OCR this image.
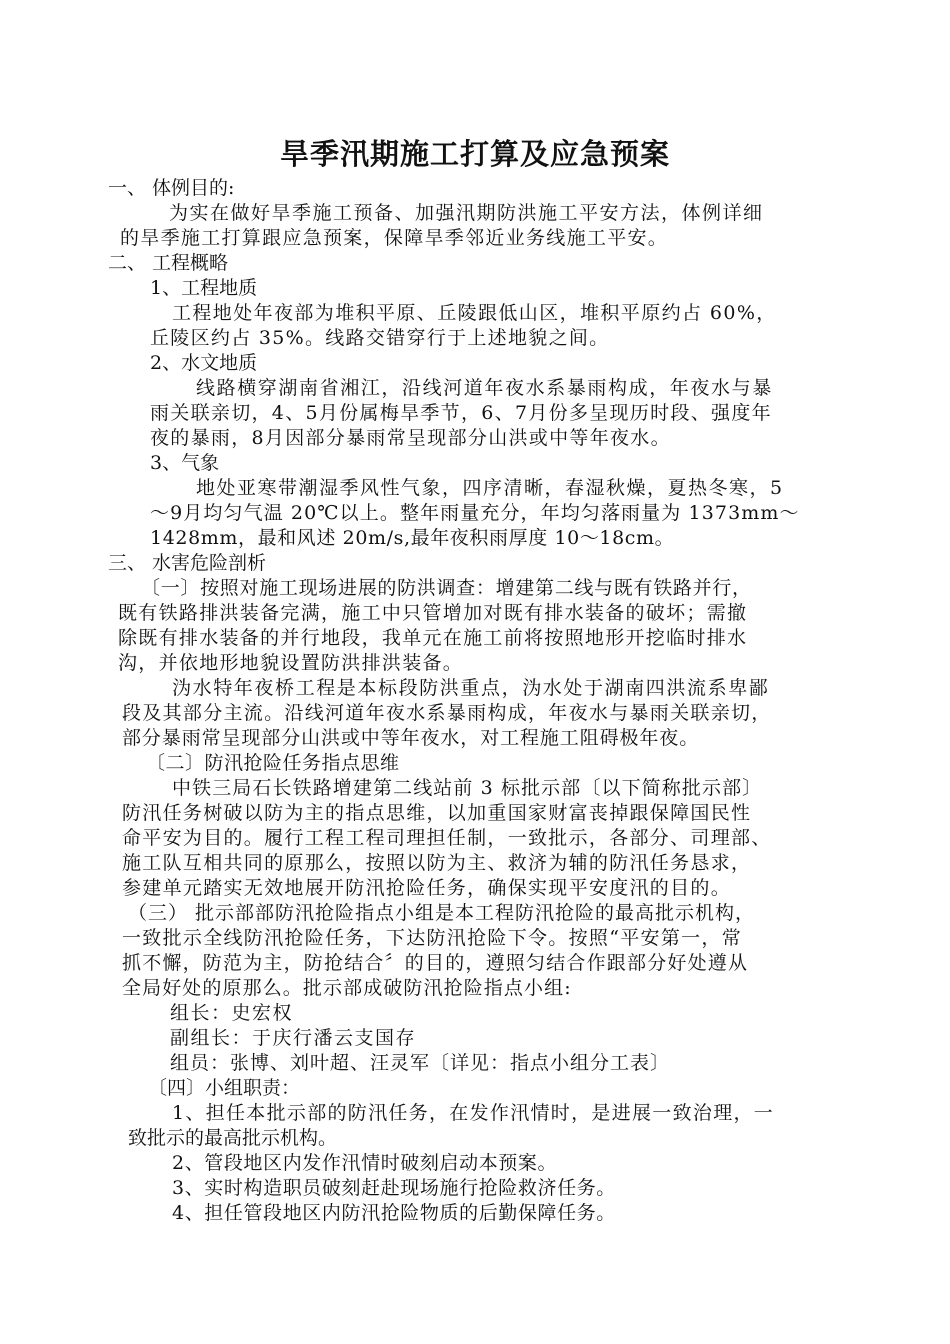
旱季汛期施工打算及应急预案
一、 体例目的:
为实在做好旱季施工预备、加强汛期防洪施工平安方法，体例详细
的旱季施工打算跟应急预案，保障旱季邻近业务线施工平安。
二、 工程概略
1、工程地质
工程地处年夜部为堆积平原、丘陵跟低山区，堆积平原约占 60%，
丘陵区约占 35%。线路交错穿行于上述地貌之间。
2、水文地质
线路横穿湖南省湘江，沿线河道年夜水系暴雨构成，年夜水与暴
雨关联亲切，4、5月份属梅旱季节，6、7月份多呈现历时段、强度年
夜的暴雨，8月因部分暴雨常呈现部分山洪或中等年夜水。
3、气象
地处亚寒带潮湿季风性气象，四序清晰，春湿秋燥，夏热冬寒，5
～9月均匀气温 20℃以上。整年雨量充分，年均匀落雨量为 1373mm～
1428mm，最和风述 20m/s,最年夜积雨厚度 10～18cm。
三、 水害危险剖析
〔一〕按照对施工现场进展的防洪调查：增建第二线与既有铁路并行，
既有铁路排洪装备完满，施工中只管增加对既有排水装备的破坏；需撤
除既有排水装备的并行地段，我单元在施工前将按照地形开挖临时排水
沟，并依地形地貌设置防洪排洪装备。
沩水特年夜桥工程是本标段防洪重点，沩水处于湖南四洪流系卑鄙
段及其部分主流。沿线河道年夜水系暴雨构成，年夜水与暴雨关联亲切，
部分暴雨常呈现部分山洪或中等年夜水，对工程施工阻碍极年夜。
〔二〕防汛抢险任务指点思维
中铁三局石长铁路增建第二线站前 3 标批示部〔以下简称批示部〕
防汛任务树破以防为主的指点思维，以加重国家财富丧掉跟保障国民性
命平安为目的。履行工程工程司理担任制，一致批示，各部分、司理部、
施工队互相共同的原那么，按照以防为主、救济为辅的防汛任务恳求，
参建单元踏实无效地展开防汛抢险任务，确保实现平安度汛的目的。
（三） 批示部部防汛抢险指点小组是本工程防汛抢险的最高批示机构，
一致批示全线防汛抢险任务，下达防汛抢险下令。按照“平安第一，常
抓不懈，防范为主，防抢结合〞的目的，遵照匀结合作跟部分好处遵从
全局好处的原那么。批示部成破防汛抢险指点小组:
组长：史宏权
副组长：于庆行潘云支国存
组员：张博、刘叶超、汪灵军〔详见：指点小组分工表〕
〔四〕小组职责：
1、担任本批示部的防汛任务，在发作汛情时，是进展一致治理，一
致批示的最高批示机构。
2、管段地区内发作汛情时破刻启动本预案。
3、实时构造职员破刻赶赴现场施行抢险救济任务。
4、担任管段地区内防汛抢险物质的后勤保障任务。
